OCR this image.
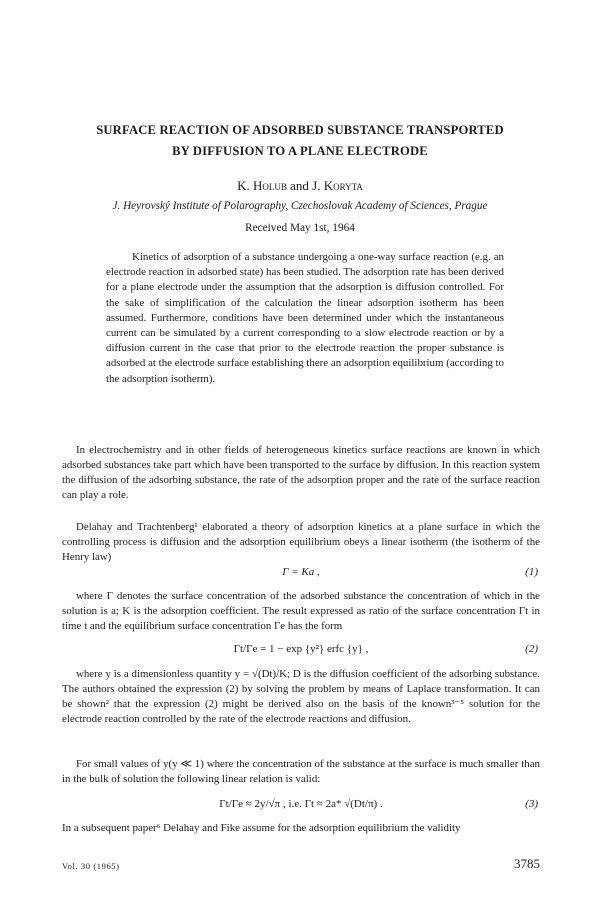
SURFACE REACTION OF ADSORBED SUBSTANCE TRANSPORTED
BY DIFFUSION TO A PLANE ELECTRODE
K. Holub and J. Koryta
J. Heyrovský Institute of Polarography, Czechoslovak Academy of Sciences, Prague
Received May 1st, 1964

Kinetics of adsorption of a substance undergoing a one-way surface reaction (e.g. an electrode reaction in adsorbed state) has been studied. The adsorption rate has been derived for a plane electrode under the assumption that the adsorption is diffusion controlled. For the sake of simplification of the calculation the linear adsorption isotherm has been assumed. Furthermore, conditions have been determined under which the instantaneous current can be simulated by a current corresponding to a slow electrode reaction or by a diffusion current in the case that prior to the electrode reaction the proper substance is adsorbed at the electrode surface establishing there an adsorption equilibrium (according to the adsorption isotherm).

In electrochemistry and in other fields of heterogeneous kinetics surface reactions are known in which adsorbed substances take part which have been transported to the surface by diffusion. In this reaction system the diffusion of the adsorbing substance, the rate of the adsorption proper and the rate of the surface reaction can play a role.

Delahay and Trachtenberg¹ elaborated a theory of adsorption kinetics at a plane surface in which the controlling process is diffusion and the adsorption equilibrium obeys a linear isotherm (the isotherm of the Henry law)

Γ = Ka ,	(1)

where Γ denotes the surface concentration of the adsorbed substance the concentration of which in the solution is a; K is the adsorption coefficient. The result expressed as ratio of the surface concentration Γt in time t and the equilibrium surface concentration Γe has the form

Γt/Γe = 1 − exp {y²} erfc {y} ,	(2)

where y is a dimensionless quantity y = √(Dt)/K; D is the diffusion coefficient of the adsorbing substance. The authors obtained the expression (2) by solving the problem by means of Laplace transformation. It can be shown² that the expression (2) might be derived also on the basis of the known³⁻⁵ solution for the electrode reaction controlled by the rate of the electrode reactions and diffusion.

For small values of y(y ≪ 1) where the concentration of the substance at the surface is much smaller than in the bulk of solution the following linear relation is valid:

Γt/Γe ≈ 2y/√π , i.e. Γt ≈ 2a* √(Dt/π) .	(3)

In a subsequent paper⁶ Delahay and Fike assume for the adsorption equilibrium the validity

Vol. 30 (1965)	3785
